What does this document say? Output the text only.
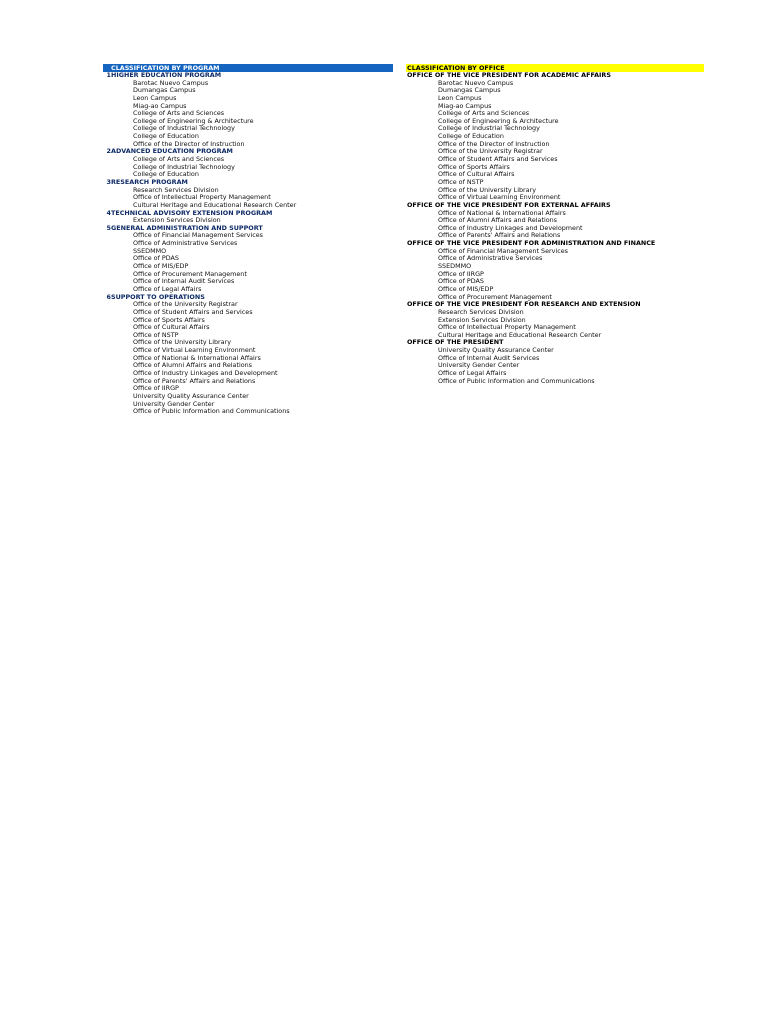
CLASSIFICATION BY PROGRAM
1HIGHER EDUCATION PROGRAM
Barotac Nuevo Campus
Dumangas Campus
Leon Campus
Miag-ao Campus
College of Arts and Sciences
College of Engineering & Architecture
College of Industrial Technology
College of Education
Office of the Director of Instruction
2ADVANCED EDUCATION PROGRAM
College of Arts and Sciences
College of Industrial Technology
College of Education
3RESEARCH PROGRAM
Research Services Division
Office of Intellectual Property Management
Cultural Heritage and Educational Research Center
4TECHNICAL ADVISORY EXTENSION PROGRAM
Extension Services Division
5GENERAL ADMINISTRATION AND SUPPORT
Office of Financial Management Services
Office of Administrative Services
SSEDMMO
Office of PDAS
Office of MIS/EDP
Office of Procurement Management
Office of Internal Audit Services
Office of Legal Affairs
6SUPPORT TO OPERATIONS
Office of the University Registrar
Office of Student Affairs and Services
Office of Sports Affairs
Office of Cultural Affairs
Office of NSTP
Office of the University Library
Office of Virtual Learning Environment
Office of National & International Affairs
Office of Alumni Affairs and Relations
Office of Industry Linkages and Development
Office of Parents' Affairs and Relations
Office of IIRGP
University Quality Assurance Center
University Gender Center
Office of Public Information and Communications
CLASSIFICATION BY OFFICE
OFFICE OF THE VICE PRESIDENT FOR ACADEMIC AFFAIRS
Barotac Nuevo Campus
Dumangas Campus
Leon Campus
Miag-ao Campus
College of Arts and Sciences
College of Engineering & Architecture
College of Industrial Technology
College of Education
Office of the Director of Instruction
Office of the University Registrar
Office of Student Affairs and Services
Office of Sports Affairs
Office of Cultural Affairs
Office of NSTP
Office of the University Library
Office of Virtual Learning Environment
OFFICE OF THE VICE PRESIDENT FOR EXTERNAL AFFAIRS
Office of National & International Affairs
Office of Alumni Affairs and Relations
Office of Industry Linkages and Development
Office of Parents' Affairs and Relations
OFFICE OF THE VICE PRESIDENT FOR ADMINISTRATION AND FINANCE
Office of Financial Management Services
Office of Administrative Services
SSEDMMO
Office of IIRGP
Office of PDAS
Office of MIS/EDP
Office of Procurement Management
OFFICE OF THE VICE PRESIDENT FOR RESEARCH AND EXTENSION
Research Services Division
Extension Services Division
Office of Intellectual Property Management
Cultural Heritage and Educational Research Center
OFFICE OF THE PRESIDENT
University Quality Assurance Center
Office of Internal Audit Services
University Gender Center
Office of Legal Affairs
Office of Public Information and Communications
